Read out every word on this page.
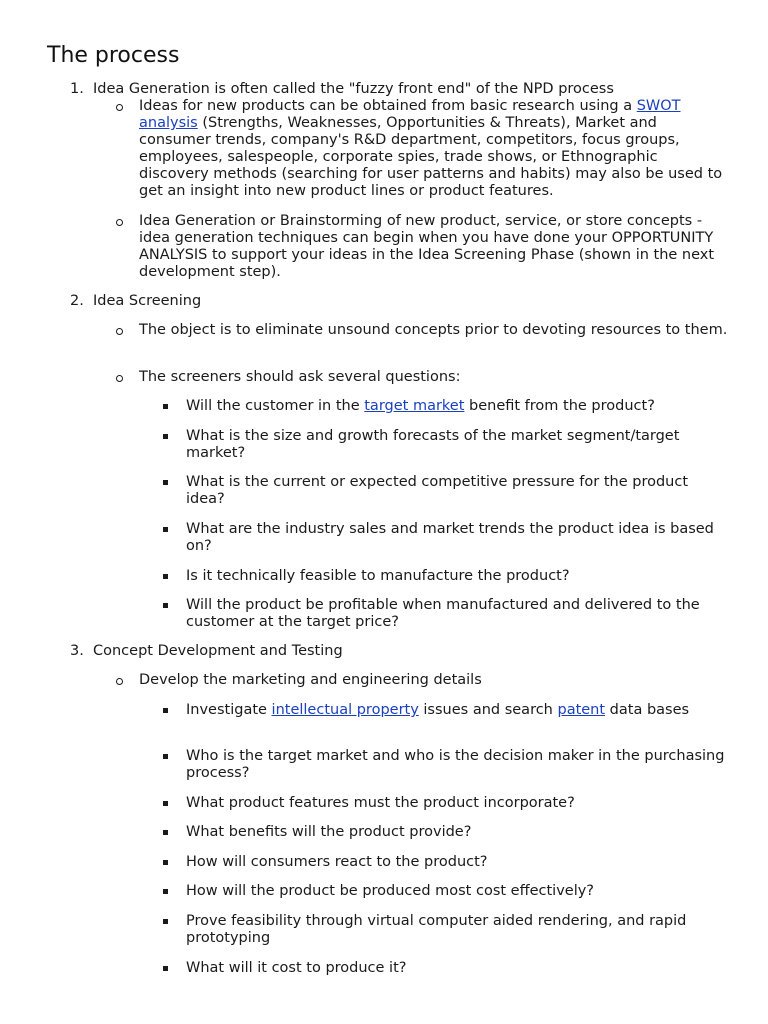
The process
1. Idea Generation is often called the "fuzzy front end" of the NPD process
Ideas for new products can be obtained from basic research using a SWOT analysis (Strengths, Weaknesses, Opportunities & Threats), Market and consumer trends, company's R&D department, competitors, focus groups, employees, salespeople, corporate spies, trade shows, or Ethnographic discovery methods (searching for user patterns and habits) may also be used to get an insight into new product lines or product features.
Idea Generation or Brainstorming of new product, service, or store concepts - idea generation techniques can begin when you have done your OPPORTUNITY ANALYSIS to support your ideas in the Idea Screening Phase (shown in the next development step).
2. Idea Screening
The object is to eliminate unsound concepts prior to devoting resources to them.
The screeners should ask several questions:
Will the customer in the target market benefit from the product?
What is the size and growth forecasts of the market segment/target market?
What is the current or expected competitive pressure for the product idea?
What are the industry sales and market trends the product idea is based on?
Is it technically feasible to manufacture the product?
Will the product be profitable when manufactured and delivered to the customer at the target price?
3. Concept Development and Testing
Develop the marketing and engineering details
Investigate intellectual property issues and search patent data bases
Who is the target market and who is the decision maker in the purchasing process?
What product features must the product incorporate?
What benefits will the product provide?
How will consumers react to the product?
How will the product be produced most cost effectively?
Prove feasibility through virtual computer aided rendering, and rapid prototyping
What will it cost to produce it?
